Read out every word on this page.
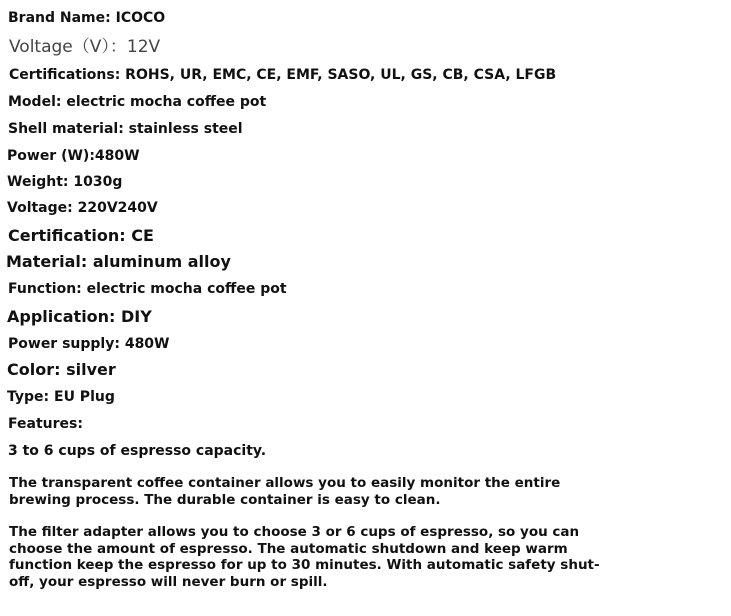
Brand Name: ICOCO
Voltage（V）：12V
Certifications: ROHS, UR, EMC, CE, EMF, SASO, UL, GS, CB, CSA, LFGB
Model: electric mocha coffee pot
Shell material: stainless steel
Power (W):480W
Weight: 1030g
Voltage: 220V240V
Certification: CE
Material: aluminum alloy
Function: electric mocha coffee pot
Application: DIY
Power supply: 480W
Color: silver
Type: EU Plug
Features:
3 to 6 cups of espresso capacity.
The transparent coffee container allows you to easily monitor the entire brewing process. The durable container is easy to clean.
The filter adapter allows you to choose 3 or 6 cups of espresso, so you can choose the amount of espresso. The automatic shutdown and keep warm function keep the espresso for up to 30 minutes. With automatic safety shut-off, your espresso will never burn or spill.
